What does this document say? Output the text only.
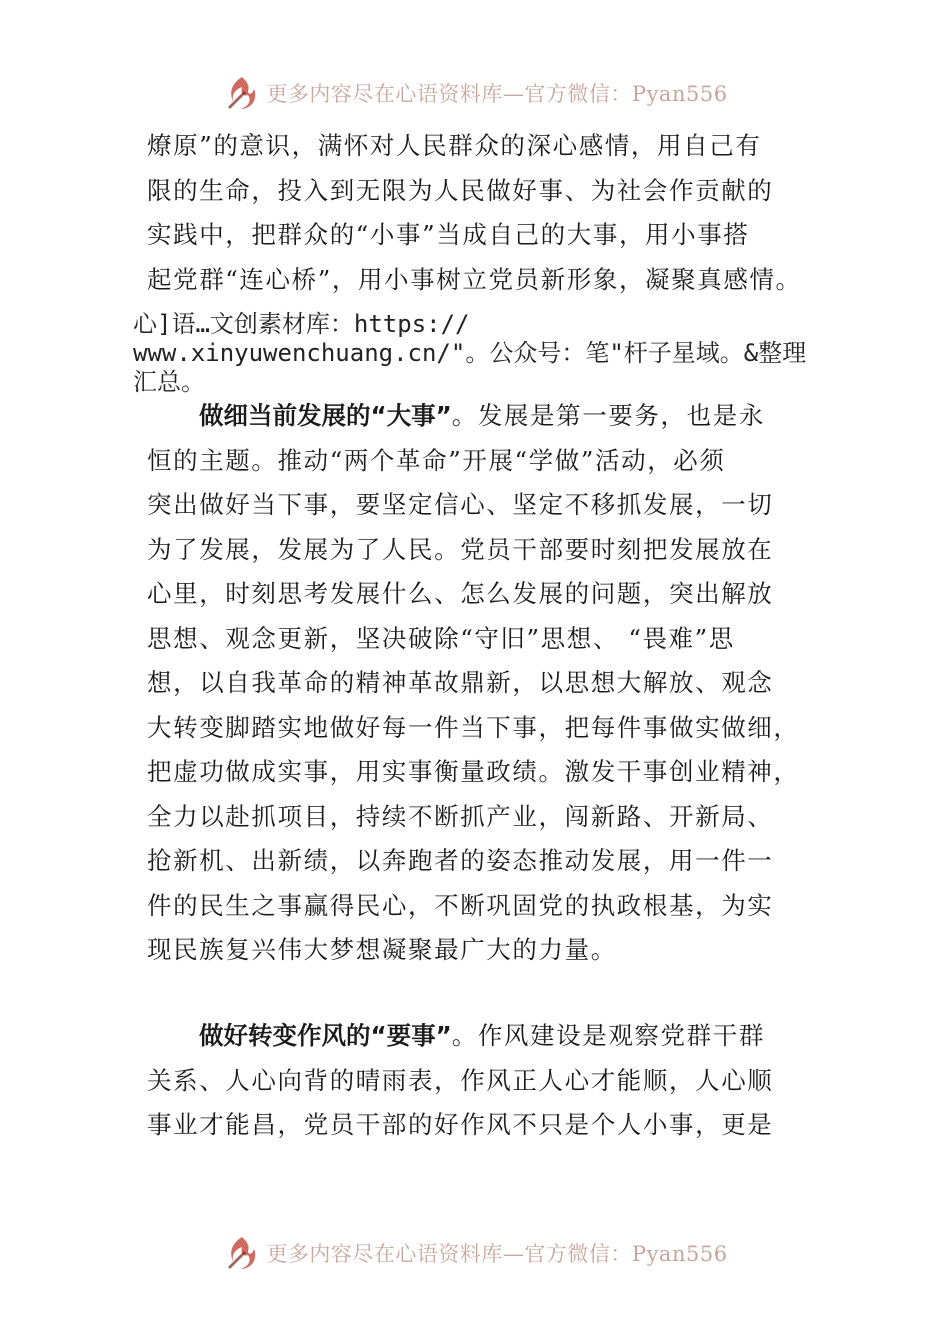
更多内容尽在心语资料库—官方微信：Pyan556
燎原”的意识，满怀对人民群众的深心感情，用自己有
限的生命，投入到无限为人民做好事、为社会作贡献的
实践中，把群众的“小事”当成自己的大事，用小事搭
起党群“连心桥”，用小事树立党员新形象，凝聚真感情。
心]语…文创素材库：https://
www.xinyuwenchuang.cn/"。公众号：笔"杆子星域。&整理
汇总。
做细当前发展的“大事”。发展是第一要务，也是永
恒的主题。推动“两个革命”开展“学做”活动，必须
突出做好当下事，要坚定信心、坚定不移抓发展，一切
为了发展，发展为了人民。党员干部要时刻把发展放在
心里，时刻思考发展什么、怎么发展的问题，突出解放
思想、观念更新，坚决破除“守旧”思想、 “畏难”思
想，以自我革命的精神革故鼎新，以思想大解放、观念
大转变脚踏实地做好每一件当下事，把每件事做实做细，
把虚功做成实事，用实事衡量政绩。激发干事创业精神，
全力以赴抓项目，持续不断抓产业，闯新路、开新局、
抢新机、出新绩，以奔跑者的姿态推动发展，用一件一
件的民生之事赢得民心，不断巩固党的执政根基，为实
现民族复兴伟大梦想凝聚最广大的力量。
做好转变作风的“要事”。作风建设是观察党群干群
关系、人心向背的晴雨表，作风正人心才能顺，人心顺
事业才能昌，党员干部的好作风不只是个人小事，更是
更多内容尽在心语资料库—官方微信：Pyan556
